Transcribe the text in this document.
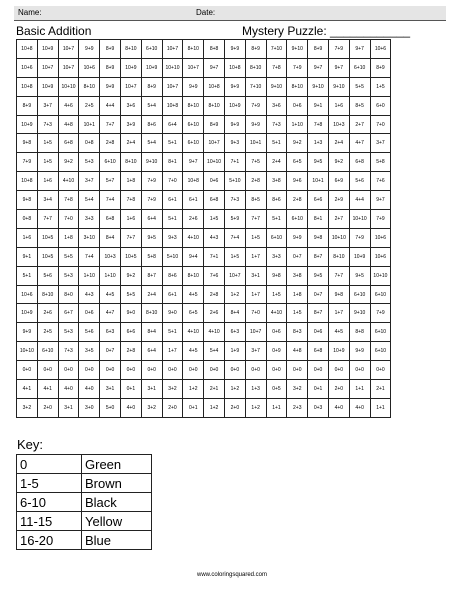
Name:	Date:
Basic Addition	Mystery Puzzle: ____________
10+8	10+9	10+7	9+9	8+9	8+10	6+10	10+7	8+10	8+8	9+9	8+9	7+10	9+10	8+9	7+9	9+7	10+6
10+6	10+7	10+7	10+6	8+9	10+9	10+9	10+10	10+7	9+7	10+8	8+10	7+8	7+9	9+7	9+7	6+10	8+9
10+8	10+9	10+10	8+10	9+9	10+7	8+9	10+7	9+9	10+8	9+9	7+10	9+10	8+10	9+10	9+10	5+5	1+5
8+9	3+7	4+6	2+5	4+4	3+6	5+4	10+8	8+10	8+10	10+9	7+9	3+6	0+6	9+1	1+6	8+5	6+0
10+9	7+3	4+8	10+1	7+7	3+9	8+6	6+4	6+10	8+9	9+9	9+9	7+3	1+10	7+8	10+3	2+7	7+0
9+8	1+5	6+8	0+8	2+8	2+4	5+4	5+1	6+10	10+7	9+3	10+1	5+1	9+2	1+3	2+4	4+7	3+7
7+9	1+5	9+2	5+3	6+10	8+10	9+10	8+1	9+7	10+10	7+1	7+5	2+4	6+5	9+5	9+2	6+8	5+8
10+8	1+6	4+10	3+7	5+7	1+8	7+9	7+0	10+8	0+6	5+10	2+8	3+8	9+6	10+1	6+9	5+6	7+6
9+8	3+4	7+8	5+4	7+4	7+8	7+9	6+1	6+1	6+8	7+3	8+5	8+6	2+8	6+6	2+9	4+4	9+7
0+8	7+7	7+0	3+3	6+8	1+6	6+4	5+1	2+6	1+5	5+9	7+7	5+1	6+10	8+1	2+7	10+10	7+9
1+6	10+5	1+8	3+10	8+4	7+7	9+5	9+3	4+10	4+3	7+4	1+5	6+10	9+9	9+8	10+10	7+9	10+6
9+1	10+5	5+5	7+4	10+3	10+5	5+8	5+10	9+4	7+1	1+5	1+7	3+3	0+7	8+7	8+10	10+9	10+6
5+1	5+6	5+3	1+10	1+10	9+2	8+7	8+6	8+10	7+6	10+7	3+1	9+8	3+8	9+5	7+7	9+5	10+10
10+6	8+10	8+0	4+3	4+5	5+5	2+4	6+1	4+5	2+8	1+2	1+7	1+5	1+8	0+7	9+8	6+10	6+10
10+9	2+6	6+7	0+6	4+7	9+0	8+10	9+0	6+5	2+6	8+4	7+0	4+10	1+5	8+7	1+7	9+10	7+9
9+9	2+5	5+3	5+6	6+3	6+6	8+4	5+1	4+10	4+10	6+3	10+7	0+6	8+3	0+6	4+5	8+8	6+10
10+10	6+10	7+3	3+5	0+7	2+8	6+4	1+7	4+5	5+4	1+9	3+7	0+9	4+8	6+8	10+9	9+9	6+10
0+0	0+0	0+0	0+0	0+0	0+0	0+0	0+0	0+0	0+0	0+0	0+0	0+0	0+0	0+0	0+0	0+0	0+0
4+1	4+1	4+0	4+0	3+1	0+1	3+1	3+2	1+2	2+1	1+2	1+3	0+5	3+2	0+1	2+0	1+1	2+1
3+2	2+0	3+1	3+0	5+0	4+0	3+2	2+0	0+1	1+2	2+0	1+2	1+1	2+3	0+3	4+0	4+0	1+1
Key:
0	Green
1-5	Brown
6-10	Black
11-15	Yellow
16-20	Blue
www.coloringsquared.com
